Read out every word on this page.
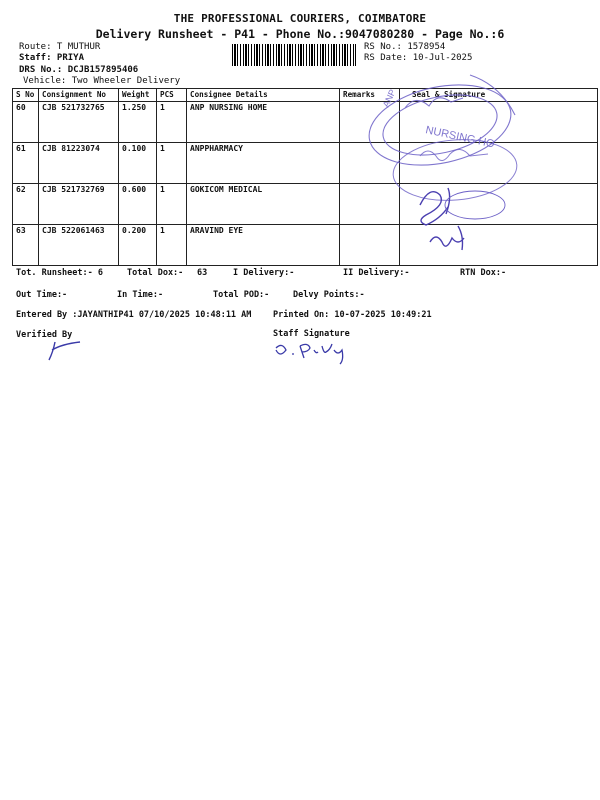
THE PROFESSIONAL COURIERS, COIMBATORE
Delivery Runsheet - P41 - Phone No.:9047080280 - Page No.:6
Route: T MUTHUR
Staff: PRIYA
DRS No.: DCJB157895406
Vehicle: Two Wheeler Delivery
RS No.: 1578954
RS Date: 10-Jul-2025
S No	Consignment No	Weight	PCS	Consignee Details	Remarks	Seal & Signature
60	CJB 521732765	1.250	1	ANP NURSING HOME		
61	CJB 81223074	0.100	1	ANPPHARMACY		
62	CJB 521732769	0.600	1	GOKICOM MEDICAL		
63	CJB 522061463	0.200	1	ARAVIND EYE		
Tot. Runsheet:- 6	Total Dox:- 63	I Delivery:-	II Delivery:-	RTN Dox:-
Out Time:-	In Time:-	Total POD:-	Delvy Points:-
Entered By :JAYANTHIP41 07/10/2025 10:48:11 AM	Printed On: 10-07-2025 10:49:21
Verified By	Staff Signature
ANP
NURSING HO
